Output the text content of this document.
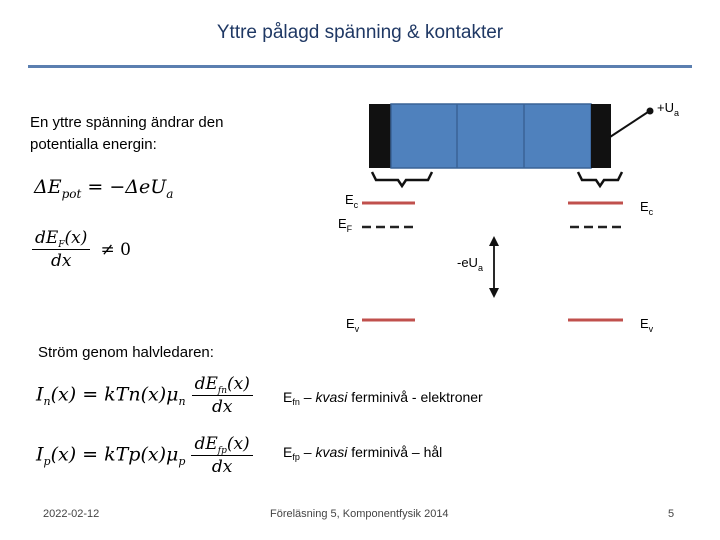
Yttre pålagd spänning & kontakter
En yttre spänning ändrar den
potentialla energin:
$\Delta E_{pot} = -\Delta eU_a$
$\frac{dE_F(x)}{dx} \ne 0$
$+U_a$
$E_c$
$E_F$
$E_c$
$-eU_a$
$E_v$	$E_v$
Ström genom halvledaren:
$I_n(x) = kTn(x)\mu_n \frac{dE_{fn}(x)}{dx}$
$I_p(x) = kTp(x)\mu_p \frac{dE_{fp}(x)}{dx}$
$E_{fn}$ – kvasi ferminivå - elektroner
$E_{fp}$ – kvasi ferminivå – hål
2022-02-12	Föreläsning 5, Komponentfysik 2014	5
